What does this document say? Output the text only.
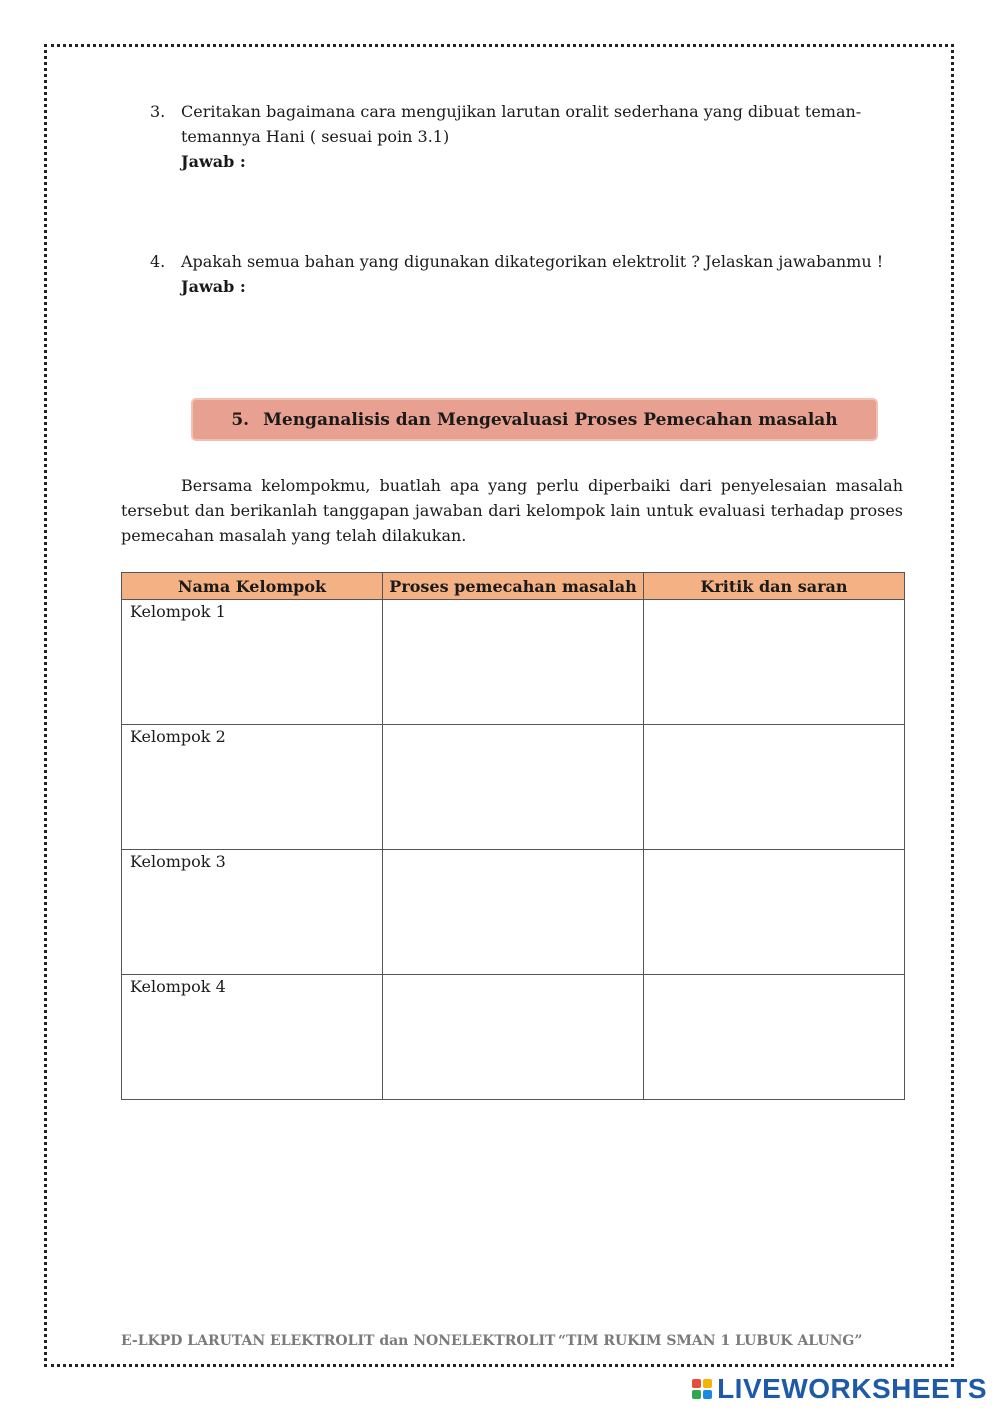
3. Ceritakan bagaimana cara mengujikan larutan oralit sederhana yang dibuat teman-temannya Hani ( sesuai poin 3.1)
Jawab :
4. Apakah semua bahan yang digunakan dikategorikan elektrolit ? Jelaskan jawabanmu !
Jawab :
5. Menganalisis dan Mengevaluasi Proses Pemecahan masalah
Bersama kelompokmu, buatlah apa yang perlu diperbaiki dari penyelesaian masalah tersebut dan berikanlah tanggapan jawaban dari kelompok lain untuk evaluasi terhadap proses pemecahan masalah yang telah dilakukan.
Nama Kelompok	Proses pemecahan masalah	Kritik dan saran
Kelompok 1		
Kelompok 2		
Kelompok 3		
Kelompok 4		
E-LKPD LARUTAN ELEKTROLIT dan NONELEKTROLIT “TIM RUKIM SMAN 1 LUBUK ALUNG”
LIVEWORKSHEETS
